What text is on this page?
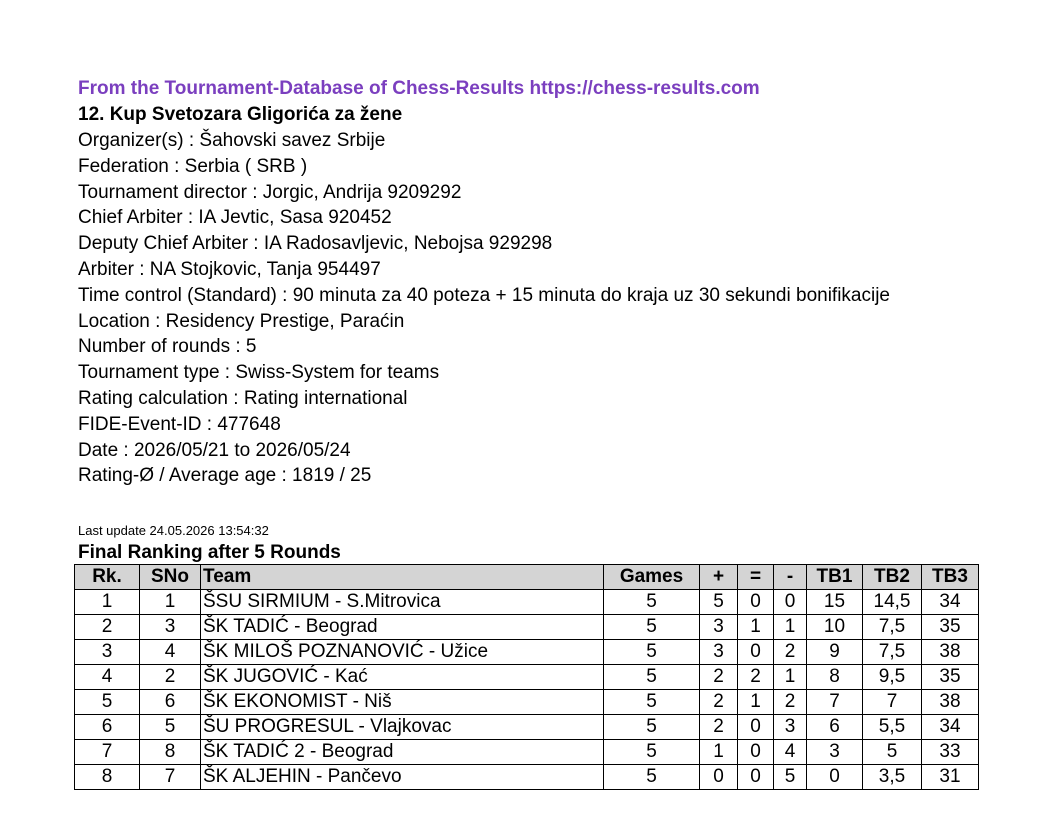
From the Tournament-Database of Chess-Results https://chess-results.com
12. Kup Svetozara Gligorića za žene
Organizer(s) : Šahovski savez Srbije
Federation : Serbia ( SRB )
Tournament director : Jorgic, Andrija 9209292
Chief Arbiter : IA Jevtic, Sasa 920452
Deputy Chief Arbiter : IA Radosavljevic, Nebojsa 929298
Arbiter : NA Stojkovic, Tanja 954497
Time control (Standard) : 90 minuta za 40 poteza + 15 minuta do kraja uz 30 sekundi bonifikacije
Location : Residency Prestige, Paraćin
Number of rounds : 5
Tournament type : Swiss-System for teams
Rating calculation : Rating international
FIDE-Event-ID : 477648
Date : 2026/05/21 to 2026/05/24
Rating-Ø / Average age : 1819 / 25
Last update 24.05.2026 13:54:32
Final Ranking after 5 Rounds
Rk.	SNo	Team	Games	+	=	-	TB1	TB2	TB3
1	1	ŠSU SIRMIUM - S.Mitrovica	5	5	0	0	15	14,5	34
2	3	ŠK TADIĆ - Beograd	5	3	1	1	10	7,5	35
3	4	ŠK MILOŠ POZNANOVIĆ - Užice	5	3	0	2	9	7,5	38
4	2	ŠK JUGOVIĆ - Kać	5	2	2	1	8	9,5	35
5	6	ŠK EKONOMIST - Niš	5	2	1	2	7	7	38
6	5	ŠU PROGRESUL - Vlajkovac	5	2	0	3	6	5,5	34
7	8	ŠK TADIĆ 2 - Beograd	5	1	0	4	3	5	33
8	7	ŠK ALJEHIN - Pančevo	5	0	0	5	0	3,5	31
